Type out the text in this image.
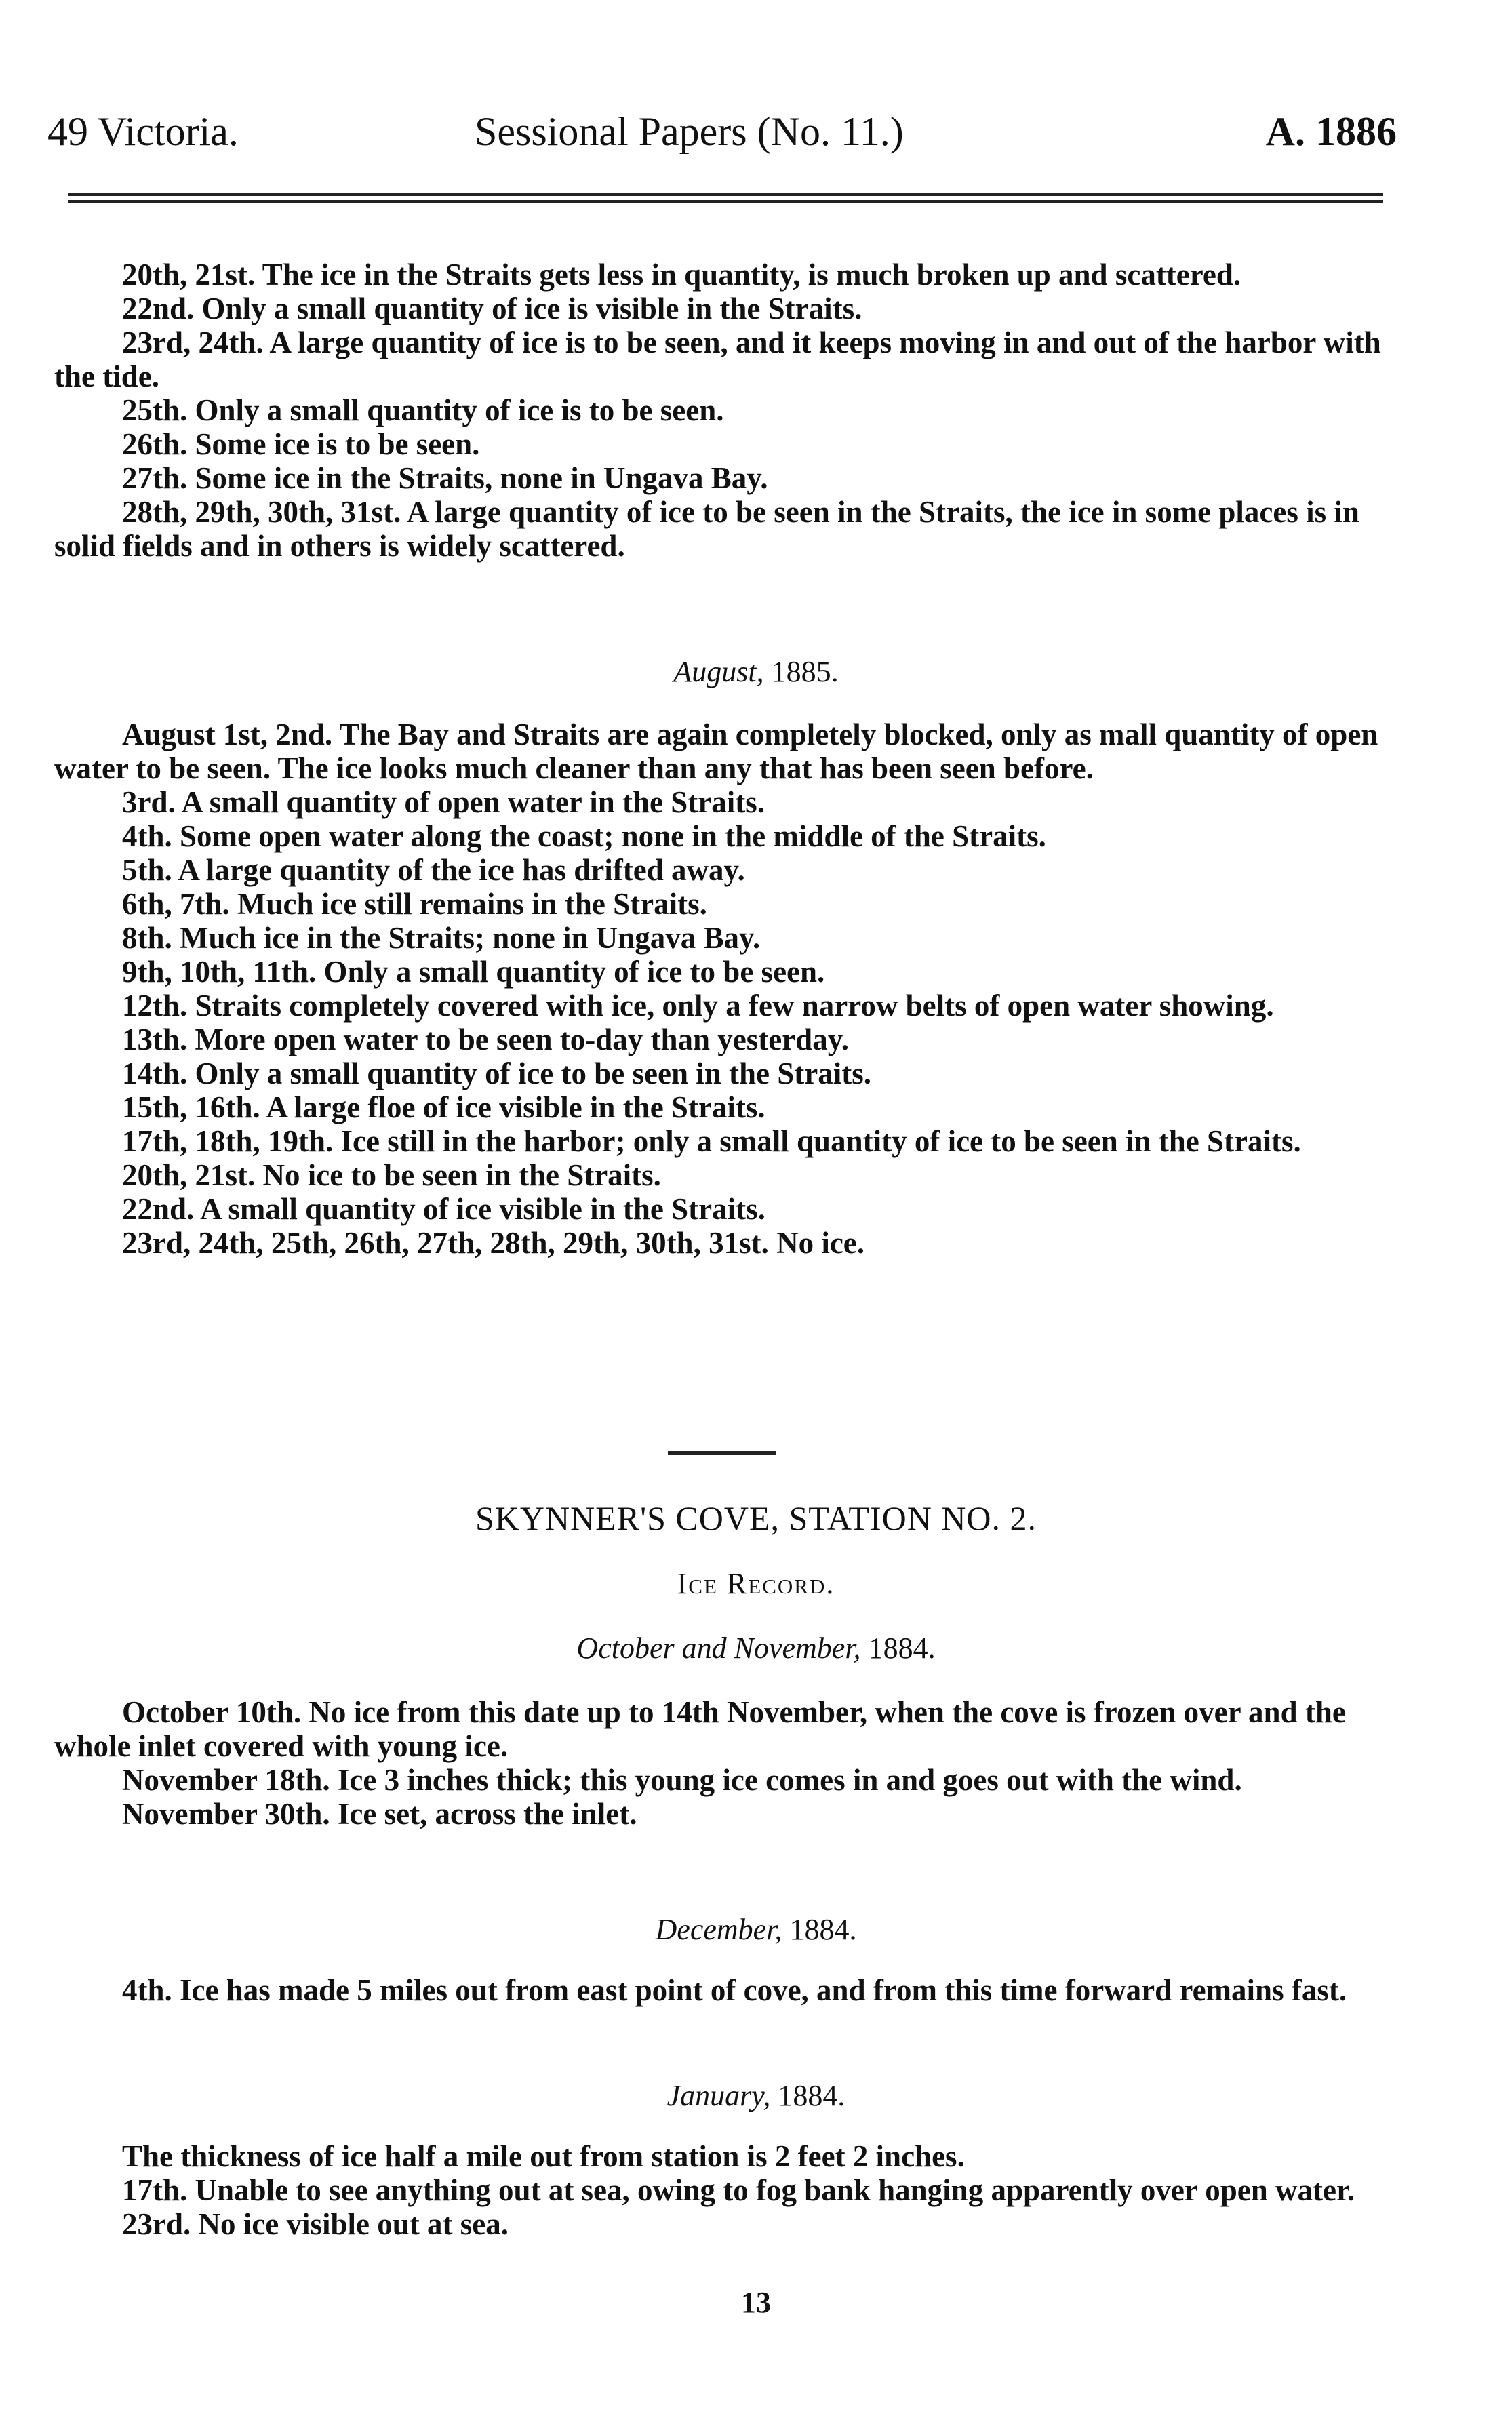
49 Victoria.	Sessional Papers (No. 11.)	A. 1886

20th, 21st. The ice in the Straits gets less in quantity, is much broken up and scattered.

22nd. Only a small quantity of ice is visible in the Straits.

23rd, 24th. A large quantity of ice is to be seen, and it keeps moving in and out of the harbor with the tide.

25th. Only a small quantity of ice is to be seen.

26th. Some ice is to be seen.

27th. Some ice in the Straits, none in Ungava Bay.

28th, 29th, 30th, 31st. A large quantity of ice to be seen in the Straits, the ice in some places is in solid fields and in others is widely scattered.

August, 1885.

August 1st, 2nd. The Bay and Straits are again completely blocked, only as mall quantity of open water to be seen. The ice looks much cleaner than any that has been seen before.

3rd. A small quantity of open water in the Straits.

4th. Some open water along the coast; none in the middle of the Straits.

5th. A large quantity of the ice has drifted away.

6th, 7th. Much ice still remains in the Straits.

8th. Much ice in the Straits; none in Ungava Bay.

9th, 10th, 11th. Only a small quantity of ice to be seen.

12th. Straits completely covered with ice, only a few narrow belts of open water showing.

13th. More open water to be seen to-day than yesterday.

14th. Only a small quantity of ice to be seen in the Straits.

15th, 16th. A large floe of ice visible in the Straits.

17th, 18th, 19th. Ice still in the harbor; only a small quantity of ice to be seen in the Straits.

20th, 21st. No ice to be seen in the Straits.

22nd. A small quantity of ice visible in the Straits.

23rd, 24th, 25th, 26th, 27th, 28th, 29th, 30th, 31st. No ice.

SKYNNER'S COVE, STATION NO. 2.
Ice Record.
October and November, 1884.

October 10th. No ice from this date up to 14th November, when the cove is frozen over and the whole inlet covered with young ice.

November 18th. Ice 3 inches thick; this young ice comes in and goes out with the wind.

November 30th. Ice set, across the inlet.

December, 1884.

4th. Ice has made 5 miles out from east point of cove, and from this time forward remains fast.

January, 1884.

The thickness of ice half a mile out from station is 2 feet 2 inches.

17th. Unable to see anything out at sea, owing to fog bank hanging apparently over open water.

23rd. No ice visible out at sea.

13
